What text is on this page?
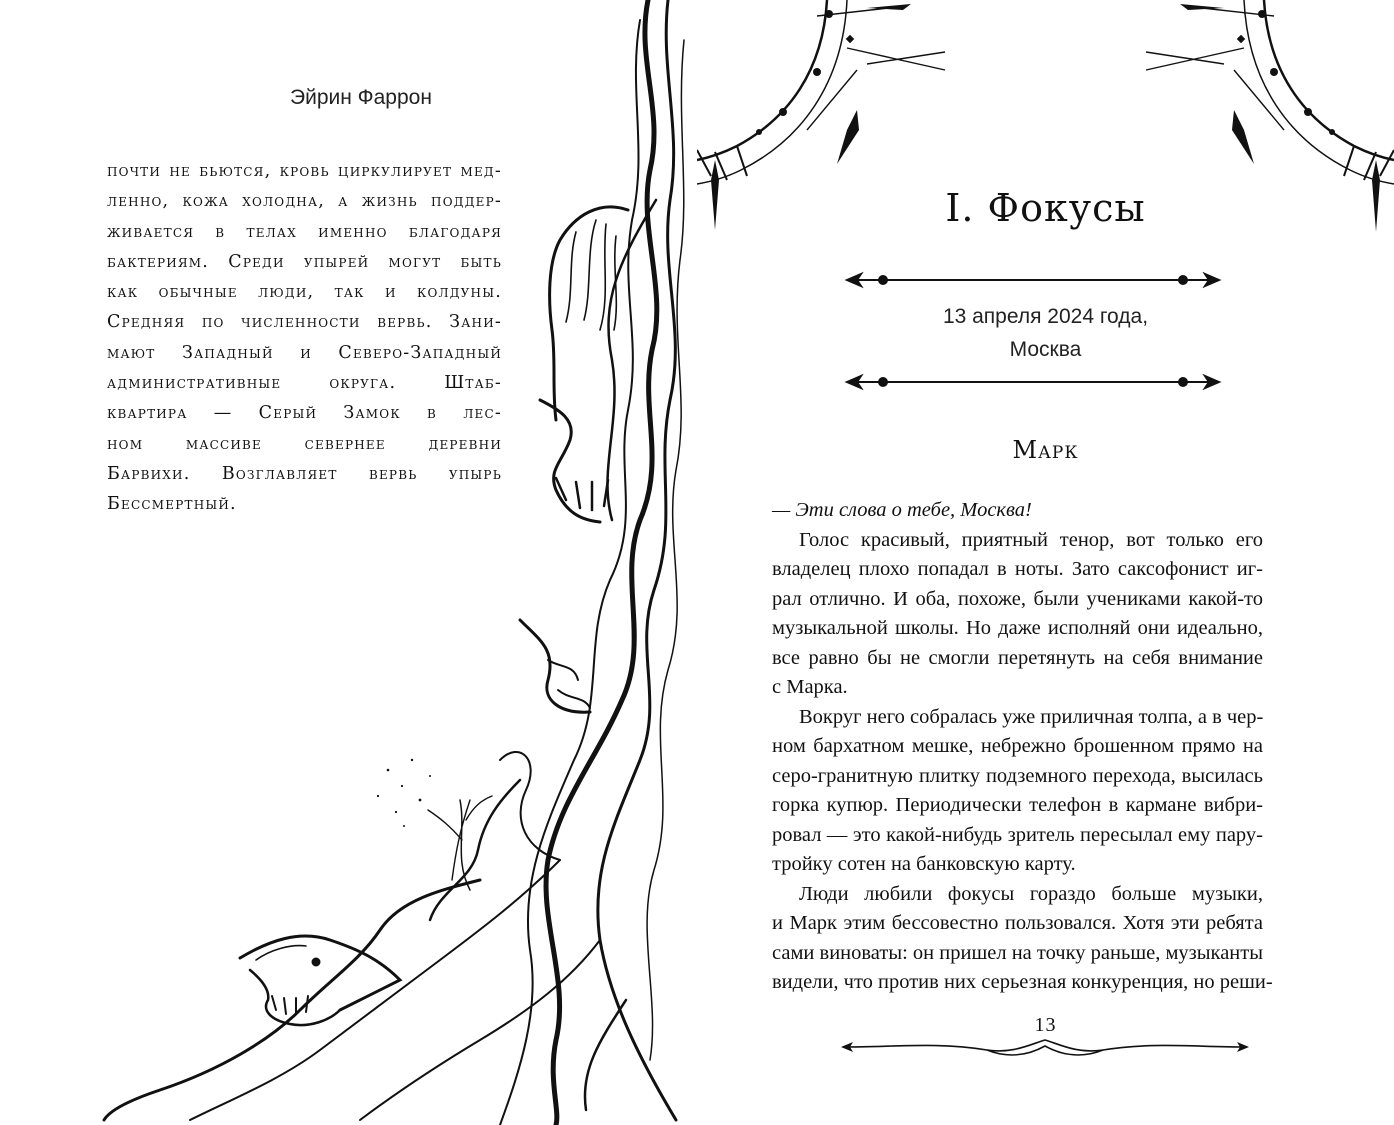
Эйрин Фаррон
почти не бьются, кровь циркулирует мед-
ленно, кожа холодна, а жизнь поддер-
живается в телах именно благодаря
бактериям. Среди упырей могут быть
как обычные люди, так и колдуны.
Средняя по численности вервь. Зани-
мают Западный и Северо-Западный
административные округа. Штаб-
квартира — Серый Замок в лес-
ном массиве севернее деревни
Барвихи. Возглавляет вервь упырь
Бессмертный.
I. Фокусы
13 апреля 2024 года,
Москва
Марк
— Эти слова о тебе, Москва!
Голос красивый, приятный тенор, вот только его
владелец плохо попадал в ноты. Зато саксофонист иг-
рал отлично. И оба, похоже, были учениками какой-то
музыкальной школы. Но даже исполняй они идеально,
все равно бы не смогли перетянуть на себя внимание
с Марка.
Вокруг него собралась уже приличная толпа, а в чер-
ном бархатном мешке, небрежно брошенном прямо на
серо-гранитную плитку подземного перехода, высилась
горка купюр. Периодически телефон в кармане вибри-
ровал — это какой-нибудь зритель пересылал ему пару-
тройку сотен на банковскую карту.
Люди любили фокусы гораздо больше музыки,
и Марк этим бессовестно пользовался. Хотя эти ребята
сами виноваты: он пришел на точку раньше, музыканты
видели, что против них серьезная конкуренция, но реши-
13
